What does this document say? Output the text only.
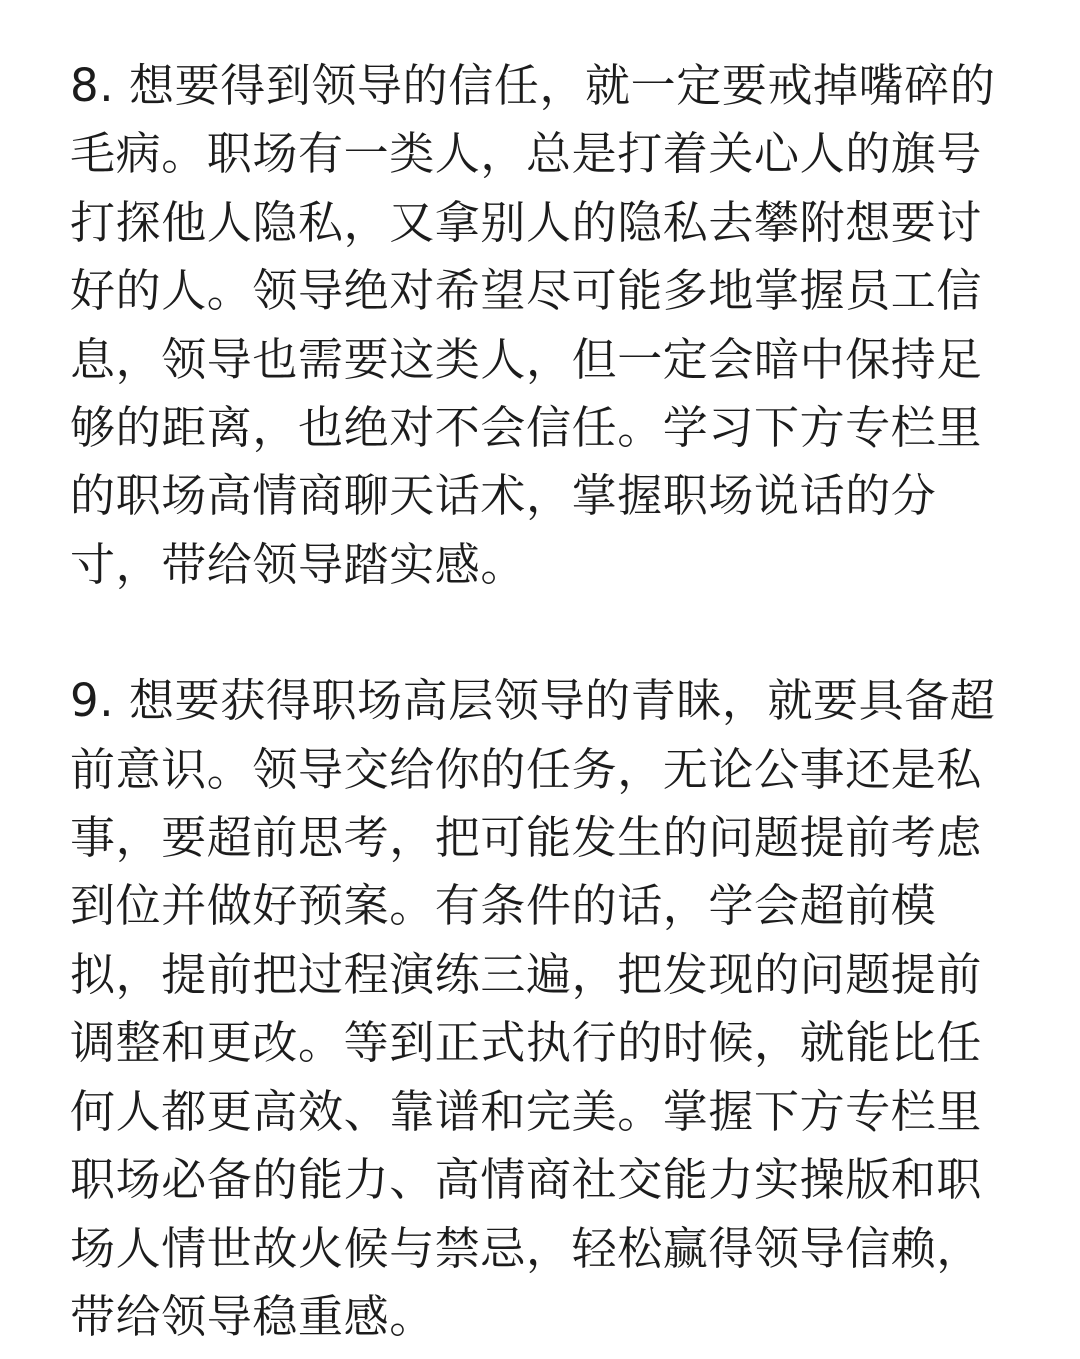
8. 想要得到领导的信任，就一定要戒掉嘴碎的毛病。职场有一类人，总是打着关心人的旗号打探他人隐私，又拿别人的隐私去攀附想要讨好的人。领导绝对希望尽可能多地掌握员工信息，领导也需要这类人，但一定会暗中保持足够的距离，也绝对不会信任。学习下方专栏里的职场高情商聊天话术，掌握职场说话的分寸，带给领导踏实感。

9. 想要获得职场高层领导的青睐，就要具备超前意识。领导交给你的任务，无论公事还是私事，要超前思考，把可能发生的问题提前考虑到位并做好预案。有条件的话，学会超前模拟，提前把过程演练三遍，把发现的问题提前调整和更改。等到正式执行的时候，就能比任何人都更高效、靠谱和完美。掌握下方专栏里职场必备的能力、高情商社交能力实操版和职场人情世故火候与禁忌，轻松赢得领导信赖，带给领导稳重感。
